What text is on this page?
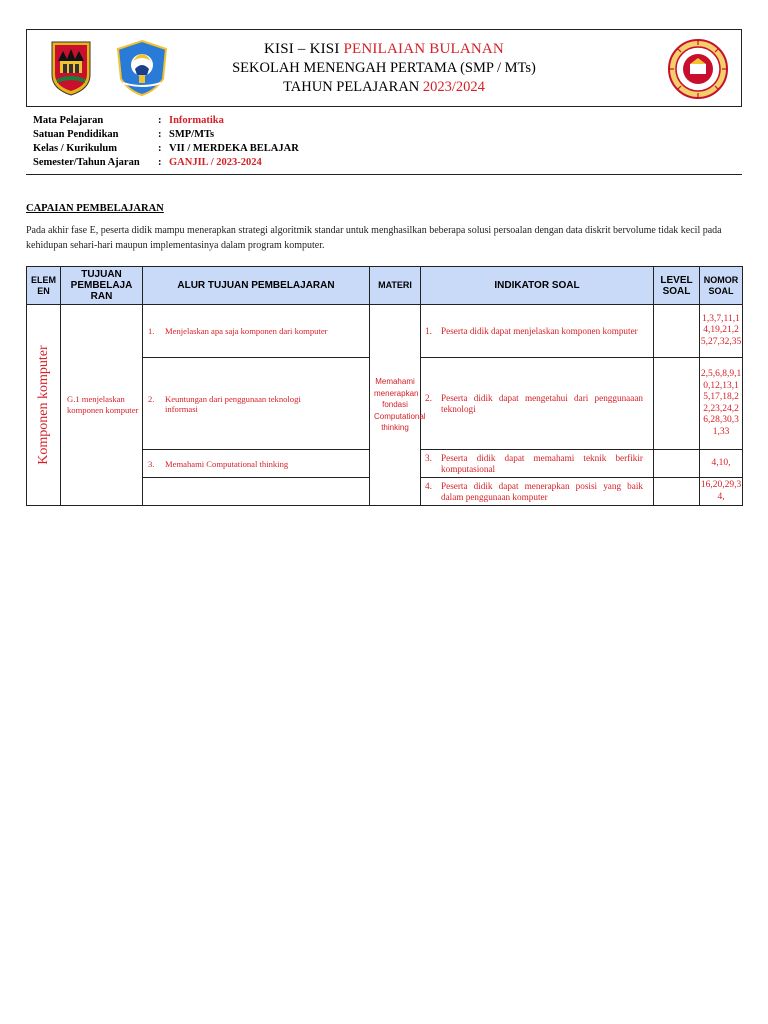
KISI – KISI PENILAIAN BULANAN
SEKOLAH MENENGAH PERTAMA (SMP / MTs)
TAHUN PELAJARAN 2023/2024
Mata Pelajaran	: Informatika
Satuan Pendidikan	: SMP/MTs
Kelas / Kurikulum	: VII / MERDEKA BELAJAR
Semester/Tahun Ajaran	: GANJIL / 2023-2024
CAPAIAN PEMBELAJARAN
Pada akhir fase E, peserta didik mampu menerapkan strategi algoritmik standar untuk menghasilkan beberapa solusi persoalan dengan data diskrit bervolume tidak kecil pada kehidupan sehari-hari maupun implementasinya dalam program komputer.
ELEM EN	TUJUAN PEMBELAJA RAN	ALUR TUJUAN PEMBELAJARAN	MATERI	INDIKATOR SOAL	LEVEL SOAL	NOMOR SOAL

Komponen komputer	G.1 menjelaskan komponen komputer	1. Menjelaskan apa saja komponen dari komputer	Memahami menerapkan fondasi Computational thinking	1. Peserta didik dapat menjelaskan komponen komputer		1,3,7,11,14,19,21,25,27,32,35
		2. Keuntungan dari penggunaan teknologi informasi		2. Peserta didik dapat mengetahui dari penggunaaan teknologi		2,5,6,8,9,10,12,13,15,17,18,22,23,24,26,28,30,31,33
		3. Memahami Computational thinking		3. Peserta didik dapat memahami teknik berfikir komputasional		4,10,
				4. Peserta didik dapat menerapkan posisi yang baik dalam penggunaan komputer		16,20,29,34,
